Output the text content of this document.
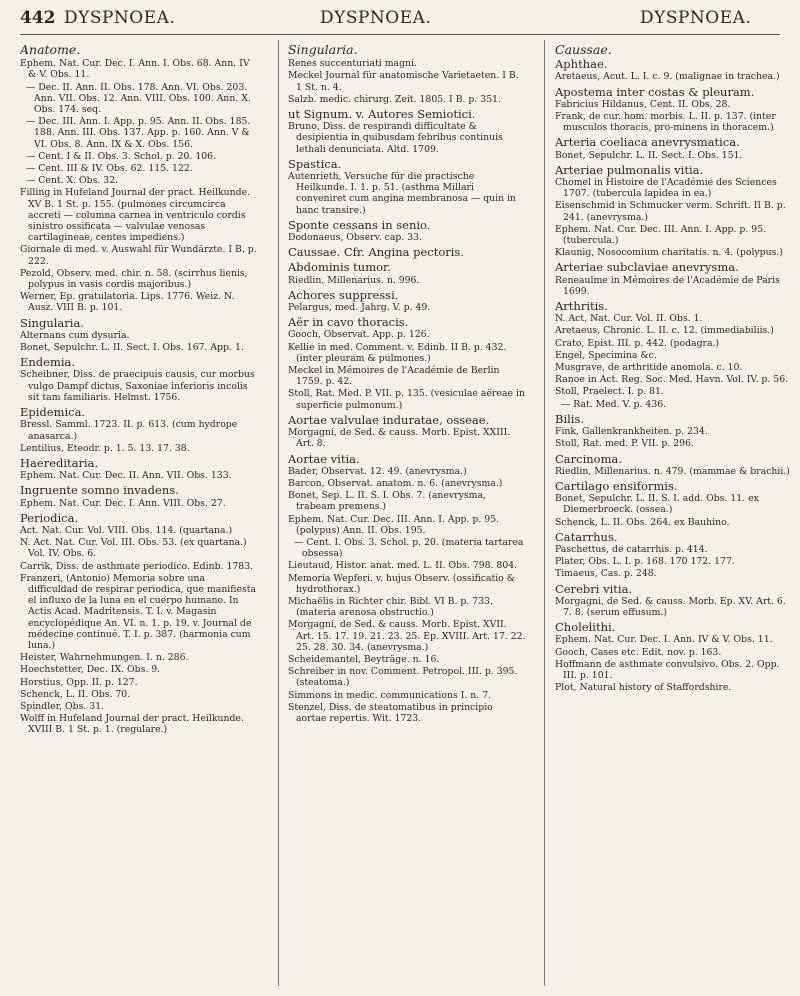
442 DYSPNOEA.	DYSPNOEA.	DYSPNOEA.
Anatome.
Ephem. Nat. Cur. Dec. I. Ann. I. Obs. 68. Ann. IV & V. Obs. 11.
— Dec. II. Ann. II. Obs. 178. Ann. VI. Obs. 203. Ann. VII. Obs. 12. Ann. VIII. Obs. 100. Ann. X. Obs. 174. seq.
— Dec. III. Ann. I. App. p. 95. Ann. II. Obs. 185. 188. Ann. III. Obs. 137. App. p. 160. Ann. V & VI. Obs. 8. Ann. IX & X. Obs. 156.
— Cent. I & II. Obs. 3. Schol. p. 20. 106.
— Cent. III & IV. Obs. 62. 115. 122.
— Cent. X. Obs. 32.
Filling in Hufeland Journal der pract. Heilkunde. XV B. 1 St. p. 155. (pulmones circumcirca accreti — columna carnea in ventriculo cordis sinistro ossificata — valvulae venosas cartilagineae, centes impediens.)
Giornale di med. v. Auswahl für Wundärzte. I B. p. 222.
Pezold, Observ. med. chir. n. 58. (scirrhus lienis, polypus in vasis cordis majoribus.)
Werner, Ep. gratulatoria. Lips. 1776. Weiz. N. Ausz. VIII B. p. 101.
Singularia.
Alternans cum dysuria.
Bonet, Sepulchr. L. II. Sect. I. Obs. 167. App. 1.
Endemia.
Scheibner, Diss. de praecipuis causis, cur morbus vulgo Dampf dictus, Saxoniae inferioris incolis sit tam familiaris. Helmst. 1756.
Epidemica.
Bressl. Samml. 1723. II. p. 613. (cum hydrope anasarca.)
Lentilius, Eteodr. p. 1. 5. 13. 17. 38.
Haereditaria.
Ephem. Nat. Cur. Dec. II. Ann. VII. Obs. 133.
Ingruente somno invadens.
Ephem. Nat. Cur. Dec. I. Ann. VIII. Obs. 27.
Periodica.
Act. Nat. Cur. Vol. VIII. Obs. 114. (quartana.)
N. Act. Nat. Cur. Vol. III. Obs. 53. (ex quartana.) Vol. IV. Obs. 6.
Carrik, Diss. de asthmate periodico. Edinb. 1783.
Franzeri, (Antonio) Memoria sobre una difficuldad de respirar periodica, que manifiesta el influxo de la luna en el cuerpo humano. In Actis Acad. Madritensis. T. I. v. Magasin encyclopédique An. VI. n. 1. p. 19. v. Journal de médecine continué. T. I. p. 387. (harmonia cum luna.)
Heister, Wahrnehmungen. I. n. 286.
Hoechstetter, Dec. IX. Obs. 9.
Horstius, Opp. II. p. 127.
Schenck, L. II. Obs. 70.
Spindler, Obs. 31.
Wolff in Hufeland Journal der pract. Heilkunde. XVIII B. 1 St. p. 1. (regulare.)
Singularia.
Renes succenturiati magni.
Meckel Journal für anatomische Varietaeten. I B. 1 St. n. 4.
Salzb. medic. chirurg. Zeit. 1805. I B. p. 351.
ut Signum. v. Autores Semiotici.
Bruno, Diss. de respirandi difficultate & desipientia in quibusdam febribus continuis lethali denunciata. Altd. 1709.
Spastica.
Autenrieth, Versuche für die practische Heilkunde. I. 1. p. 51. (asthma Millari conveniret cum angina membranosa — quin in hanc transire.)
Sponte cessans in senio.
Dodonaeus, Observ. cap. 33.
Caussae. Cfr. Angina pectoris.
Abdominis tumor.
Riedlin, Millenarius. n. 996.
Achores suppressi.
Pelargus, med. Jahrg. V. p. 49.
Aër in cavo thoracis.
Gooch, Observat. App. p. 126.
Kellie in med. Comment. v. Edinb. II B. p. 432. (inter pleuram & pulmones.)
Meckel in Mémoires de l'Académie de Berlin 1759. p. 42.
Stoll, Rat. Med. P. VII. p. 135. (vesiculae aëreae in superficie pulmonum.)
Aortae valvulae induratae, osseae.
Morgagni, de Sed. & causs. Morb. Epist. XXIII. Art. 8.
Aortae vitia.
Bader, Observat. 12. 49. (anevrysma.)
Barcon, Observat. anatom. n. 6. (anevrysma.)
Bonet, Sep. L. II. S. I. Obs. 7. (anevrysma, trabeam premens.)
Ephem. Nat. Cur. Dec. III. Ann. I. App. p. 95. (polypus) Ann. II. Obs. 195.
— Cent. I. Obs. 3. Schol. p. 20. (materia tartarea obsessa)
Lieutaud, Histor. anat. med. L. II. Obs. 798. 804.
Memoria Wepferi. v. hujus Observ. (ossificatio & hydrothorax.)
Michaëlis in Richter chir. Bibl. VI B. p. 733. (materia arenosa obstructio.)
Morgagni, de Sed. & causs. Morb. Epist. XVII. Art. 15. 17. 19. 21. 23. 25. Ep. XVIII. Art. 17. 22. 25. 28. 30. 34. (anevrysma.)
Scheidemantel, Beyträge. n. 16.
Schreiber in nov. Comment. Petropol. III. p. 395. (steatoma.)
Simmons in medic. communications I. n. 7.
Stenzel, Diss. de steatomatibus in principio aortae repertis. Wit. 1723.
Caussae.
Aphthae.
Aretaeus, Acut. L. I. c. 9. (malignae in trachea.)
Apostema inter costas & pleuram.
Fabricius Hildanus, Cent. II. Obs. 28.
Frank, de cur. hom. morbis. L. II. p. 137. (inter musculos thoracis, pro-minens in thoracem.)
Arteria coeliaca anevrysmatica.
Bonet, Sepulchr. L. II. Sect. I. Obs. 151.
Arteriae pulmonalis vitia.
Chomel in Histoire de l'Académie des Sciences 1707. (tubercula lapidea in ea.)
Eisenschmid in Schmucker verm. Schrift. II B. p. 241. (anevrysma.)
Ephem. Nat. Cur. Dec. III. Ann. I. App. p. 95. (tubercula.)
Klaunig, Nosocomium charitatis. n. 4. (polypus.)
Arteriae subclaviae anevrysma.
Reneaulme in Mémoires de l'Académie de Paris 1699.
Arthritis.
N. Act. Nat. Cur. Vol. II. Obs. 1.
Aretaeus, Chronic. L. II. c. 12. (immediabiliis.)
Crato, Epist. III. p. 442. (podagra.)
Engel, Specimina &c.
Musgrave, de arthritide anomola. c. 10.
Ranoe in Act. Reg. Soc. Med. Havn. Vol. IV. p. 56.
Stoll, Praelect. I. p. 81.
— Rat. Med. V. p. 436.
Bilis.
Fink, Gallenkrankheiten. p. 234.
Stoll, Rat. med. P. VII. p. 296.
Carcinoma.
Riedlin, Millenarius. n. 479. (mammae & brachii.)
Cartilago ensiformis.
Bonet, Sepulchr. L. II. S. I. add. Obs. 11. ex Diemerbroeck. (ossea.)
Schenck, L. II. Obs. 264. ex Bauhino.
Catarrhus.
Paschettus, de catarrhis. p. 414.
Plater, Obs. L. I. p. 168. 170 172. 177.
Timaeus, Cas. p. 248.
Cerebri vitia.
Morgagni, de Sed. & causs. Morb. Ep. XV. Art. 6. 7. 8. (serum effusum.)
Cholelithi.
Ephem. Nat. Cur. Dec. I. Ann. IV & V. Obs. 11.
Gooch, Cases etc. Edit. nov. p. 163.
Hoffmann de asthmate convulsivo. Obs. 2. Opp. III. p. 101.
Plot, Natural history of Staffordshire.
